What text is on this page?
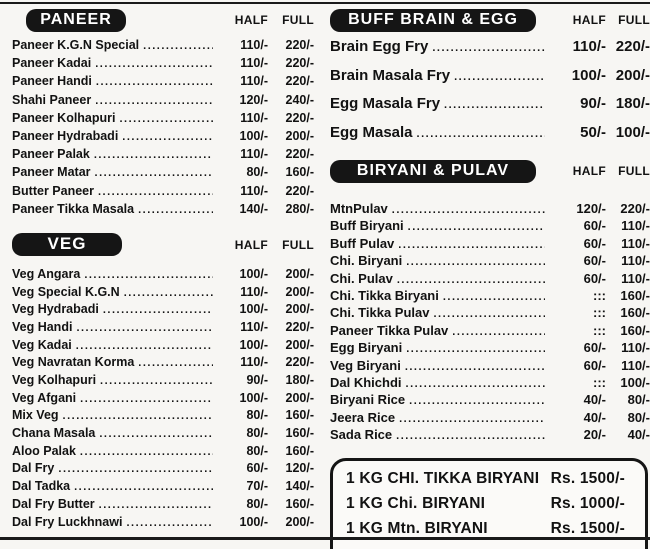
PANEER	HALF	FULL
Paneer K.G.N Special .....	110/-	220/-
Paneer Kadai .....	110/-	220/-
Paneer Handi .....	110/-	220/-
Shahi Paneer .....	120/-	240/-
Paneer Kolhapuri .....	110/-	220/-
Paneer Hydrabadi .....	100/-	200/-
Paneer Palak .....	110/-	220/-
Paneer Matar .....	80/-	160/-
Butter Paneer .....	110/-	220/-
Paneer Tikka Masala .....	140/-	280/-
VEG	HALF	FULL
Veg Angara .....	100/-	200/-
Veg Special K.G.N .....	110/-	200/-
Veg Hydrabadi .....	100/-	200/-
Veg Handi .....	110/-	220/-
Veg Kadai .....	100/-	200/-
Veg Navratan Korma .....	110/-	220/-
Veg Kolhapuri .....	90/-	180/-
Veg Afgani .....	100/-	200/-
Mix Veg .....	80/-	160/-
Chana Masala .....	80/-	160/-
Aloo Palak .....	80/-	160/-
Dal Fry .....	60/-	120/-
Dal Tadka .....	70/-	140/-
Dal Fry Butter .....	80/-	160/-
Dal Fry Luckhnawi .....	100/-	200/-
BUFF BRAIN & EGG	HALF	FULL
Brain Egg Fry .....	110/- 220/-
Brain Masala Fry .....	100/- 200/-
Egg Masala Fry .....	90/- 180/-
Egg Masala .....	50/- 100/-
BIRYANI & PULAV	HALF	FULL
MtnPulav .....	120/-	220/-
Buff Biryani .....	60/-	110/-
Buff Pulav .....	60/-	110/-
Chi. Biryani .....	60/-	110/-
Chi. Pulav .....	60/-	110/-
Chi. Tikka Biryani .....	:::	160/-
Chi. Tikka Pulav .....	:::	160/-
Paneer Tikka Pulav .....	:::	160/-
Egg Biryani .....	60/-	110/-
Veg Biryani .....	60/-	110/-
Dal Khichdi .....	:::	100/-
Biryani Rice .....	40/-	80/-
Jeera Rice .....	40/-	80/-
Sada Rice .....	20/-	40/-
1 KG CHI. TIKKA BIRYANI Rs. 1500/-
1 KG Chi. BIRYANI	Rs. 1000/-
1 KG Mtn. BIRYANI	Rs. 1500/-
